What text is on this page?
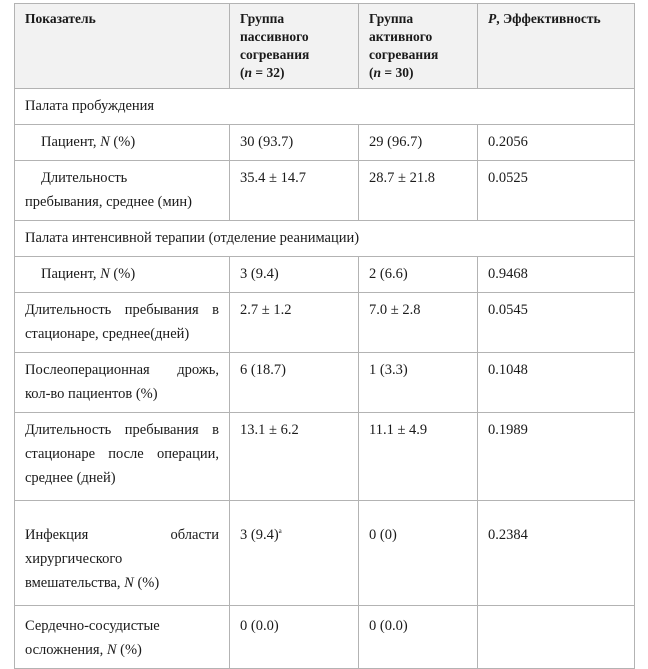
Показатель	Группа
пассивного
согревания
(n = 32)	Группа
активного
согревания
(n = 30)	P, Эффективность
Палата пробуждения			
Пациент, N (%)	30 (93.7)	29 (96.7)	0.2056
Длительность
пребывания, среднее (мин)	35.4 ± 14.7	28.7 ± 21.8	0.0525
Палата интенсивной терапии (отделение реанимации)			
Пациент, N (%)	3 (9.4)	2 (6.6)	0.9468

Длительность пребывания в
стационаре, среднее(дней)	2.7 ± 1.2	7.0 ± 2.8	0.0545

Послеоперационная дрожь,
кол-во пациентов (%)	6 (18.7)	1 (3.3)	0.1048

Длительность пребывания в
стационаре после операции,
среднее (дней)	13.1 ± 6.2	11.1 ± 4.9	0.1989

Инфекция области
хирургического
вмешательства, N (%)	3 (9.4)$^a$	0 (0)	0.2384
Сердечно-сосудистые
осложнения, N (%)	0 (0.0)	0 (0.0)	
